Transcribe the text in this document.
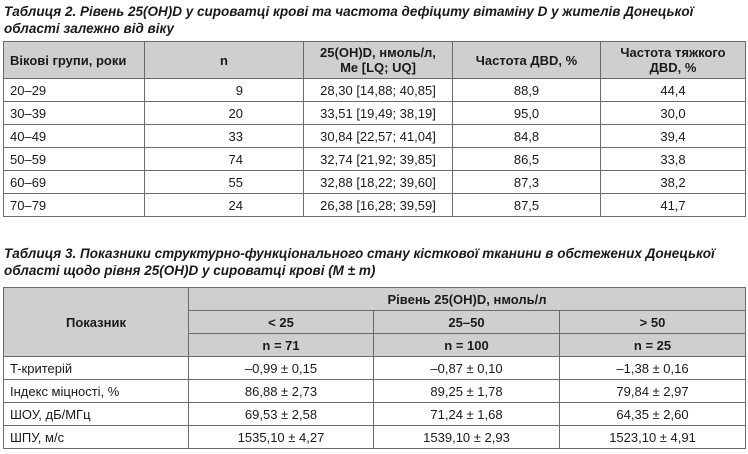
Таблиця 2. Рівень 25(OH)D у сироватці крові та частота дефіциту вітаміну D у жителів Донецької області залежно від віку
Вікові групи, роки	n	25(OH)D, нмоль/л, Me [LQ; UQ]	Частота ДВD, %	Частота тяжкого ДВD, %
20–29	9	28,30 [14,88; 40,85]	88,9	44,4
30–39	20	33,51 [19,49; 38,19]	95,0	30,0
40–49	33	30,84 [22,57; 41,04]	84,8	39,4
50–59	74	32,74 [21,92; 39,85]	86,5	33,8
60–69	55	32,88 [18,22; 39,60]	87,3	38,2
70–79	24	26,38 [16,28; 39,59]	87,5	41,7
Таблиця 3. Показники структурно-функціонального стану кісткової тканини в обстежених Донецької області щодо рівня 25(OH)D у сироватці крові (M ± m)
Показник	Рівень 25(OH)D, нмоль/л		
	< 25	25–50	> 50
	n = 71	n = 100	n = 25
T-критерій	–0,99 ± 0,15	–0,87 ± 0,10	–1,38 ± 0,16
Індекс міцності, %	86,88 ± 2,73	89,25 ± 1,78	79,84 ± 2,97
ШОУ, дБ/МГц	69,53 ± 2,58	71,24 ± 1,68	64,35 ± 2,60
ШПУ, м/с	1535,10 ± 4,27	1539,10 ± 2,93	1523,10 ± 4,91
